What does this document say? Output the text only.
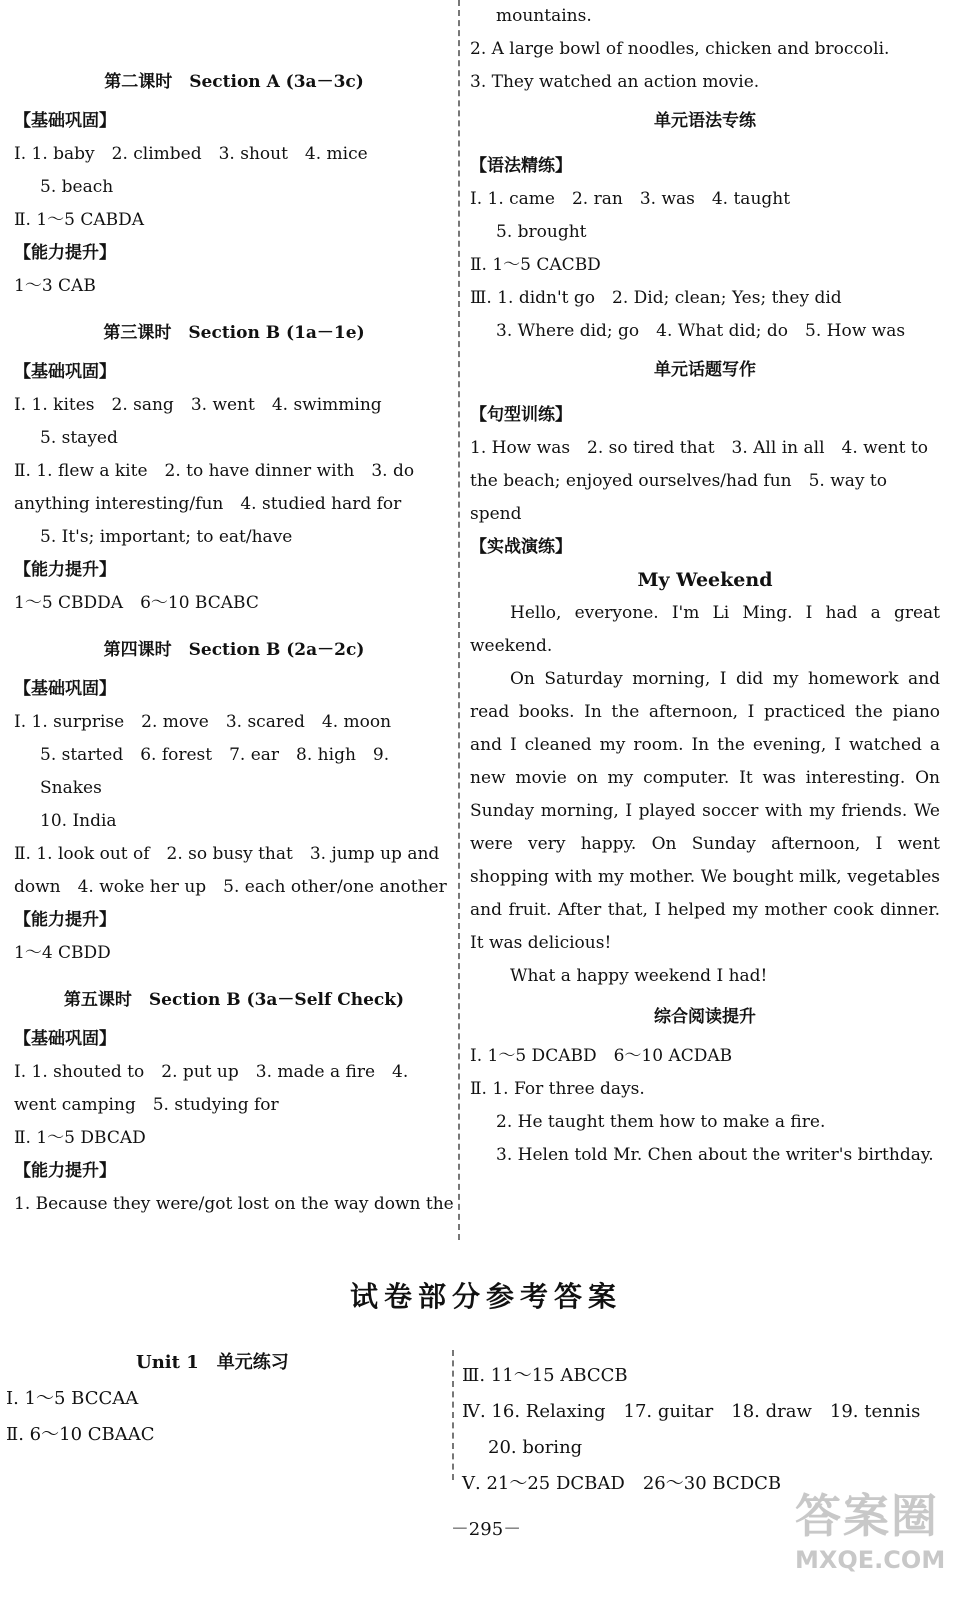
第二课时　Section A (3a－3c)
【基础巩固】
Ⅰ. 1. baby　2. climbed　3. shout　4. mice
5. beach
Ⅱ. 1～5 CABDA
【能力提升】
1～3 CAB
第三课时　Section B (1a－1e)
【基础巩固】
Ⅰ. 1. kites　2. sang　3. went　4. swimming
5. stayed
Ⅱ. 1. flew a kite　2. to have dinner with　3. do anything interesting/fun　4. studied hard for
5. It's; important; to eat/have
【能力提升】
1～5 CBDDA　6～10 BCABC
第四课时　Section B (2a－2c)
【基础巩固】
Ⅰ. 1. surprise　2. move　3. scared　4. moon
5. started　6. forest　7. ear　8. high　9. Snakes
10. India
Ⅱ. 1. look out of　2. so busy that　3. jump up and down　4. woke her up　5. each other/one another
【能力提升】
1～4 CBDD
第五课时　Section B (3a－Self Check)
【基础巩固】
Ⅰ. 1. shouted to　2. put up　3. made a fire　4. went camping　5. studying for
Ⅱ. 1～5 DBCAD
【能力提升】
1. Because they were/got lost on the way down the
mountains.
2. A large bowl of noodles, chicken and broccoli.
3. They watched an action movie.
单元语法专练
【语法精练】
Ⅰ. 1. came　2. ran　3. was　4. taught
5. brought
Ⅱ. 1～5 CACBD
Ⅲ. 1. didn't go　2. Did; clean; Yes; they did
3. Where did; go　4. What did; do　5. How was
单元话题写作
【句型训练】
1. How was　2. so tired that　3. All in all　4. went to the beach; enjoyed ourselves/had fun　5. way to spend
【实战演练】
My Weekend

Hello, everyone. I'm Li Ming. I had a great weekend.

On Saturday morning, I did my homework and read books. In the afternoon, I practiced the piano and I cleaned my room. In the evening, I watched a new movie on my computer. It was interesting. On Sunday morning, I played soccer with my friends. We were very happy. On Sunday afternoon, I went shopping with my mother. We bought milk, vegetables and fruit. After that, I helped my mother cook dinner. It was delicious!

What a happy weekend I had!

综合阅读提升
Ⅰ. 1～5 DCABD　6～10 ACDAB
Ⅱ. 1. For three days.
2. He taught them how to make a fire.
3. Helen told Mr. Chen about the writer's birthday.
试卷部分参考答案
Unit 1　单元练习
Ⅰ. 1～5 BCCAA
Ⅱ. 6～10 CBAAC
Ⅲ. 11～15 ABCCB
Ⅳ. 16. Relaxing　17. guitar　18. draw　19. tennis
20. boring
Ⅴ. 21～25 DCBAD　26～30 BCDCB
－295－	答案圈
MXQE.COM
